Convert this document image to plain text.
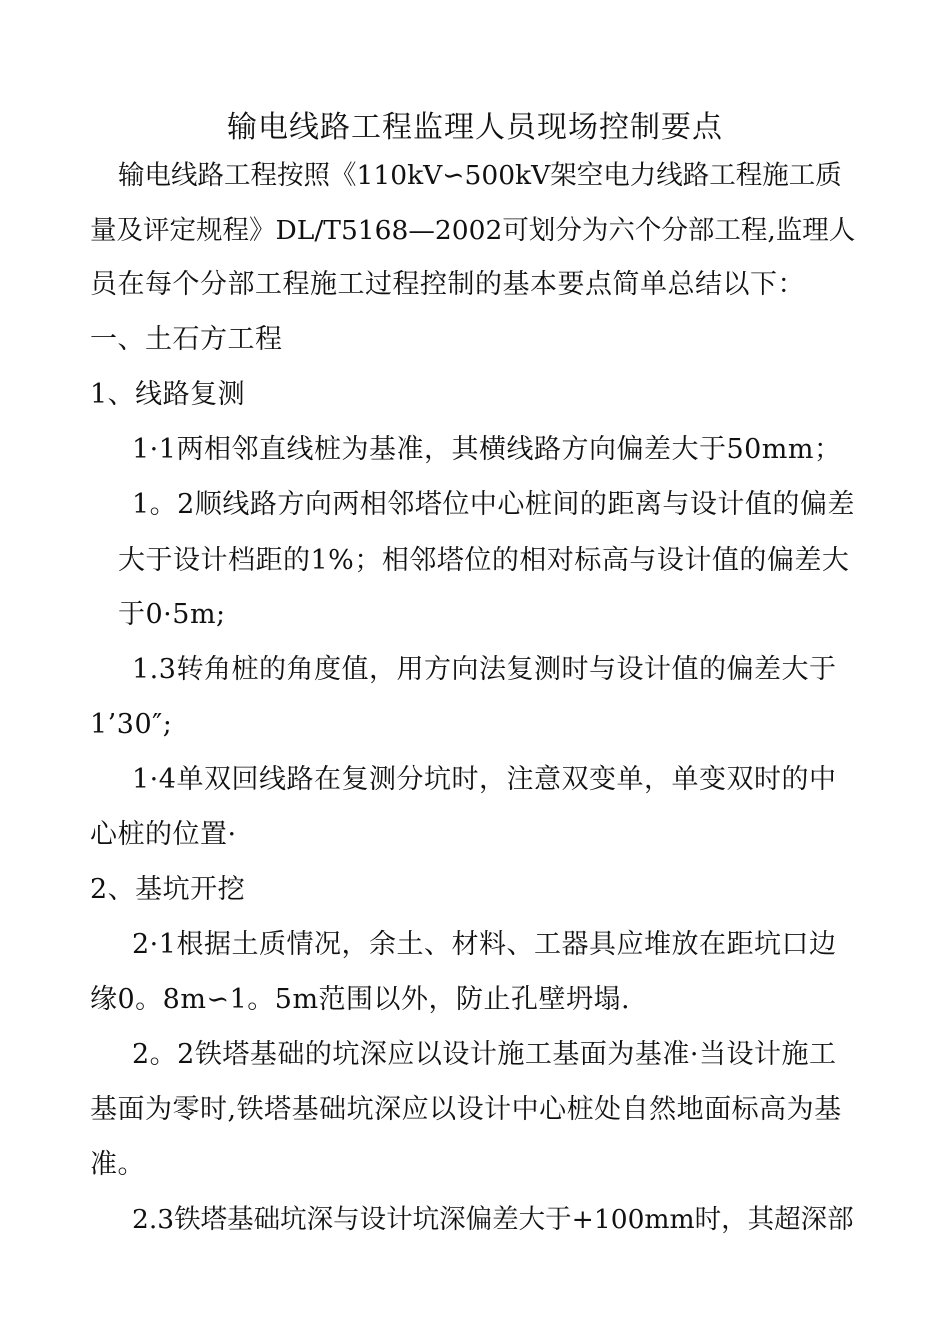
输电线路工程监理人员现场控制要点
输电线路工程按照《110kV∽500kV架空电力线路工程施工质
量及评定规程》DL/T5168—2002可划分为六个分部工程,监理人
员在每个分部工程施工过程控制的基本要点简单总结以下：
一、土石方工程
1、线路复测
1·1两相邻直线桩为基准，其横线路方向偏差大于50mm；
1。2顺线路方向两相邻塔位中心桩间的距离与设计值的偏差
大于设计档距的1%；相邻塔位的相对标高与设计值的偏差大
于0·5m;
1.3转角桩的角度值，用方向法复测时与设计值的偏差大于
1’30″;
1·4单双回线路在复测分坑时，注意双变单，单变双时的中
心桩的位置·
2、基坑开挖
2·1根据土质情况，余土、材料、工器具应堆放在距坑口边
缘0。8m∽1。5m范围以外，防止孔壁坍塌.
2。2铁塔基础的坑深应以设计施工基面为基准·当设计施工
基面为零时,铁塔基础坑深应以设计中心桩处自然地面标高为基
准。
2.3铁塔基础坑深与设计坑深偏差大于+100mm时，其超深部
